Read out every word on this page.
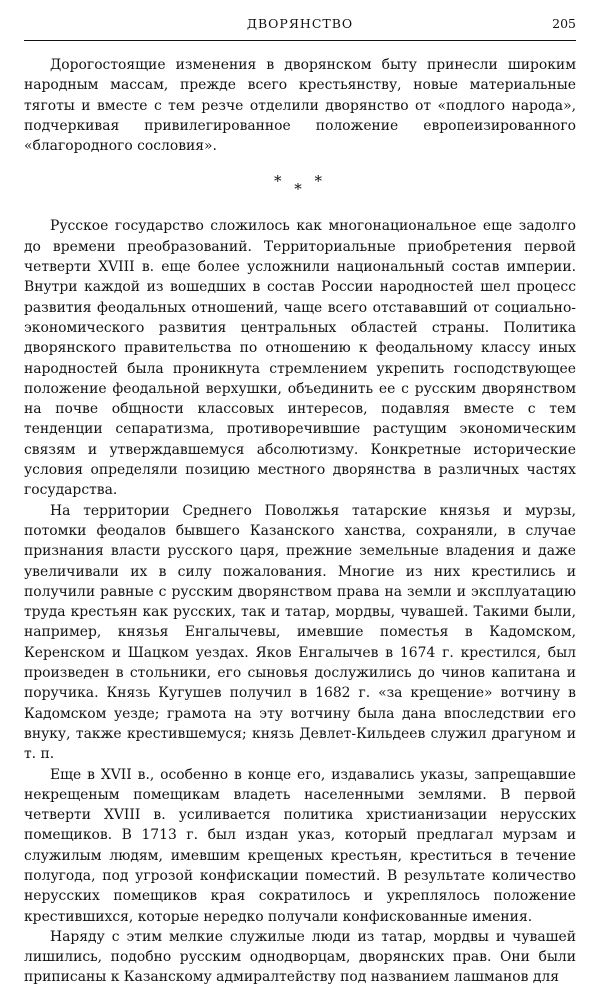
ДВОРЯНСТВО	205

Дорогостоящие изменения в дворянском быту принесли широким народным массам, прежде всего крестьянству, новые материальные тяготы и вместе с тем резче отделили дворянство от «подлого народа», подчеркивая привилегированное положение европеизированного «благородного сословия».

* * *

Русское государство сложилось как многонациональное еще задолго до времени преобразований. Территориальные приобретения первой четверти XVIII в. еще более усложнили национальный состав империи. Внутри каждой из вошедших в состав России народностей шел процесс развития феодальных отношений, чаще всего отстававший от социально-экономического развития центральных областей страны. Политика дворянского правительства по отношению к феодальному классу иных народностей была проникнута стремлением укрепить господствующее положение феодальной верхушки, объединить ее с русским дворянством на почве общности классовых интересов, подавляя вместе с тем тенденции сепаратизма, противоречившие растущим экономическим связям и утверждавшемуся абсолютизму. Конкретные исторические условия определяли позицию местного дворянства в различных частях государства.

На территории Среднего Поволжья татарские князья и мурзы, потомки феодалов бывшего Казанского ханства, сохраняли, в случае признания власти русского царя, прежние земельные владения и даже увеличивали их в силу пожалования. Многие из них крестились и получили равные с русским дворянством права на земли и эксплуатацию труда крестьян как русских, так и татар, мордвы, чувашей. Такими были, например, князья Енгалычевы, имевшие поместья в Кадомском, Керенском и Шацком уездах. Яков Енгалычев в 1674 г. крестился, был произведен в стольники, его сыновья дослужились до чинов капитана и поручика. Князь Кугушев получил в 1682 г. «за крещение» вотчину в Кадомском уезде; грамота на эту вотчину была дана впоследствии его внуку, также крестившемуся; князь Девлет-Кильдеев служил драгуном и т. п.

Еще в XVII в., особенно в конце его, издавались указы, запрещавшие некрещеным помещикам владеть населенными землями. В первой четверти XVIII в. усиливается политика христианизации нерусских помещиков. В 1713 г. был издан указ, который предлагал мурзам и служилым людям, имевшим крещеных крестьян, креститься в течение полугода, под угрозой конфискации поместий. В результате количество нерусских помещиков края сократилось и укреплялось положение крестившихся, которые нередко получали конфискованные имения.

Наряду с этим мелкие служилые люди из татар, мордвы и чувашей лишились, подобно русским однодворцам, дворянских прав. Они были приписаны к Казанскому адмиралтейству под названием лашманов для
